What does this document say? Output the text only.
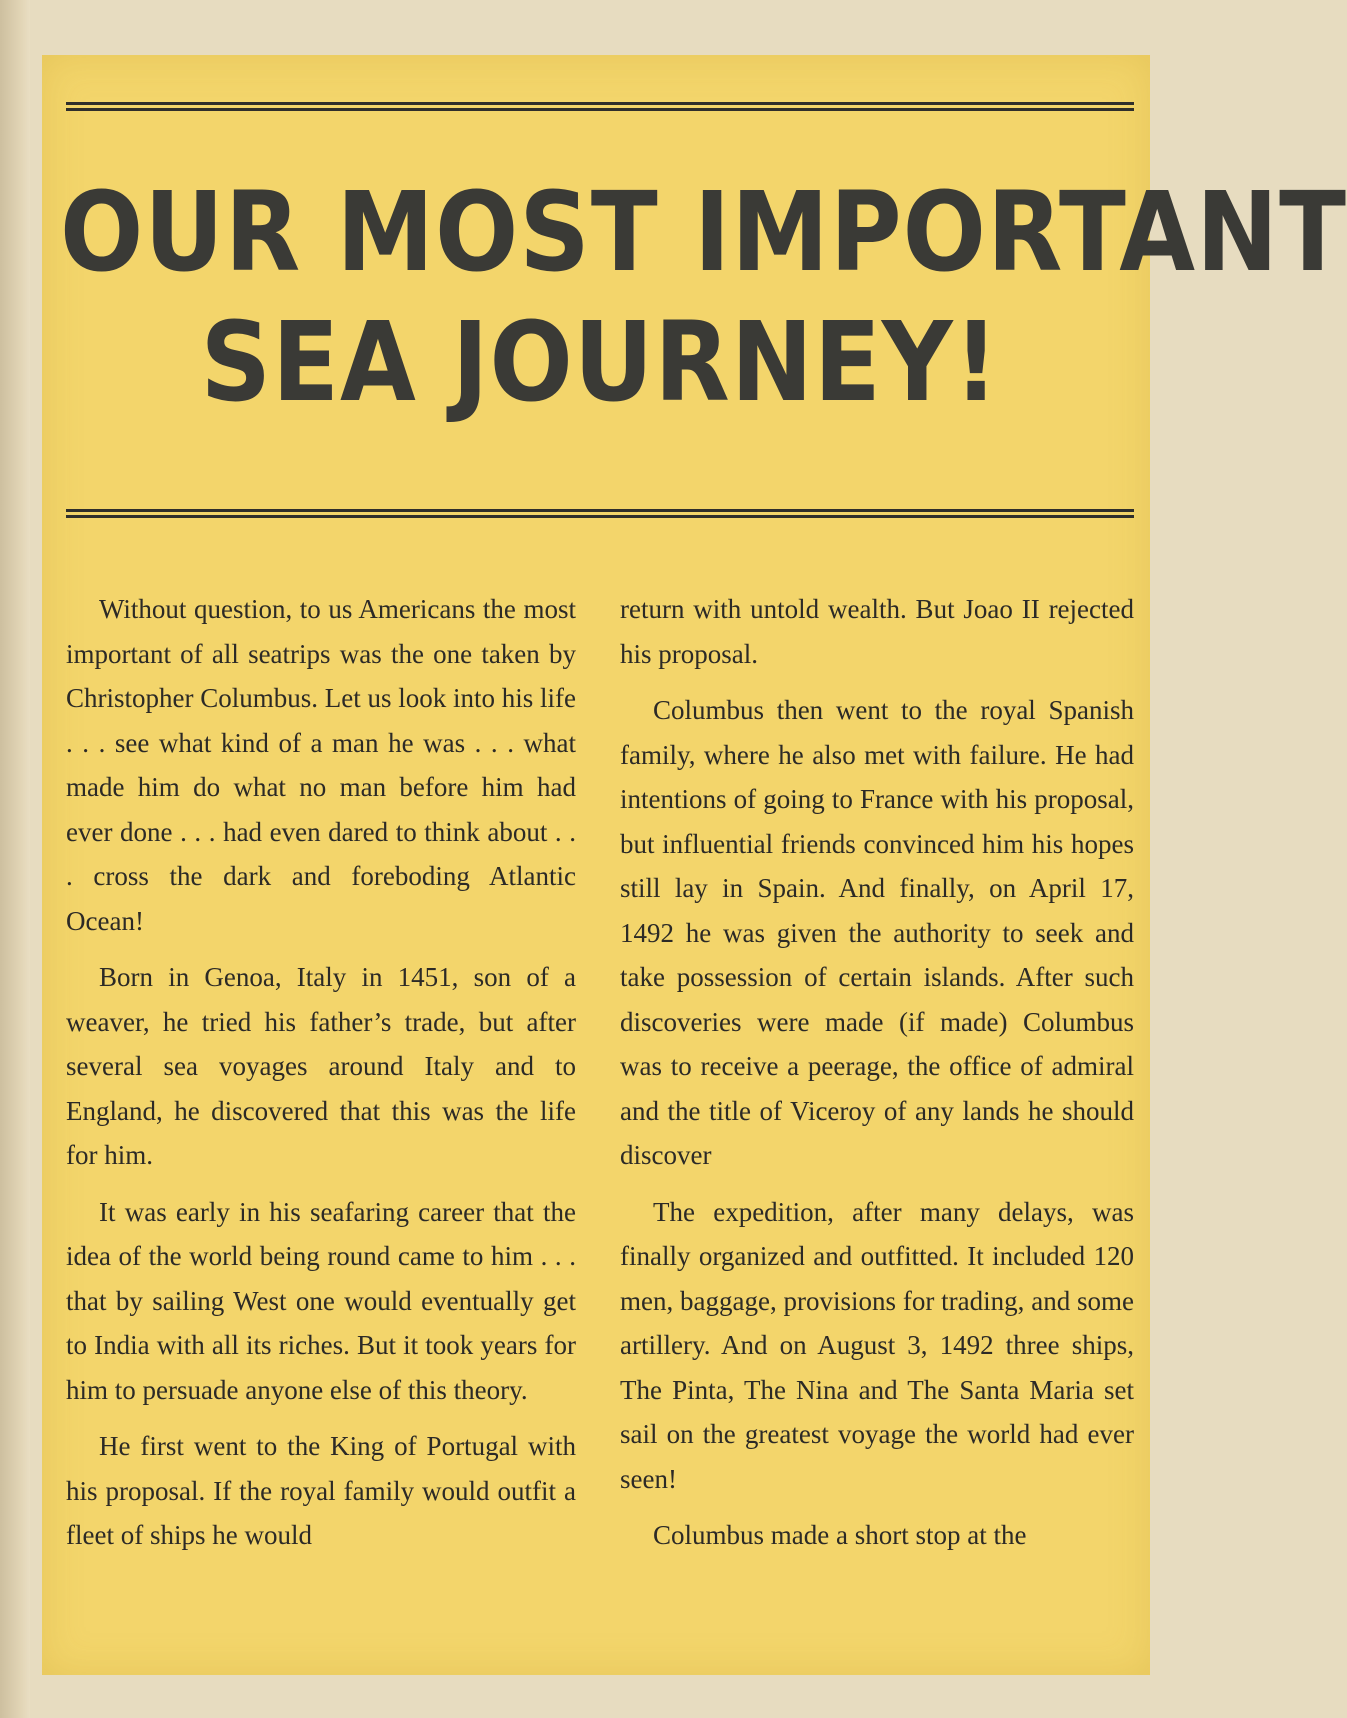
OUR MOST IMPORTANT
SEA JOURNEY!

Without question, to us Americans the most important of all seatrips was the one taken by Christopher Columbus. Let us look into his life . . . see what kind of a man he was . . . what made him do what no man before him had ever done . . . had even dared to think about . . . cross the dark and foreboding Atlantic Ocean!

Born in Genoa, Italy in 1451, son of a weaver, he tried his father’s trade, but after several sea voyages around Italy and to England, he discovered that this was the life for him.

It was early in his seafaring career that the idea of the world being round came to him . . . that by sailing West one would eventually get to India with all its riches. But it took years for him to persuade anyone else of this theory.

He first went to the King of Portugal with his proposal. If the royal family would outfit a fleet of ships he would

return with untold wealth. But Joao II rejected his proposal.

Columbus then went to the royal Spanish family, where he also met with failure. He had intentions of going to France with his proposal, but influential friends convinced him his hopes still lay in Spain. And finally, on April 17, 1492 he was given the authority to seek and take possession of certain islands. After such discoveries were made (if made) Columbus was to receive a peerage, the office of admiral and the title of Viceroy of any lands he should discover

The expedition, after many delays, was finally organized and outfitted. It included 120 men, baggage, provisions for trading, and some artillery. And on August 3, 1492 three ships, The Pinta, The Nina and The Santa Maria set sail on the greatest voyage the world had ever seen!

Columbus made a short stop at the
